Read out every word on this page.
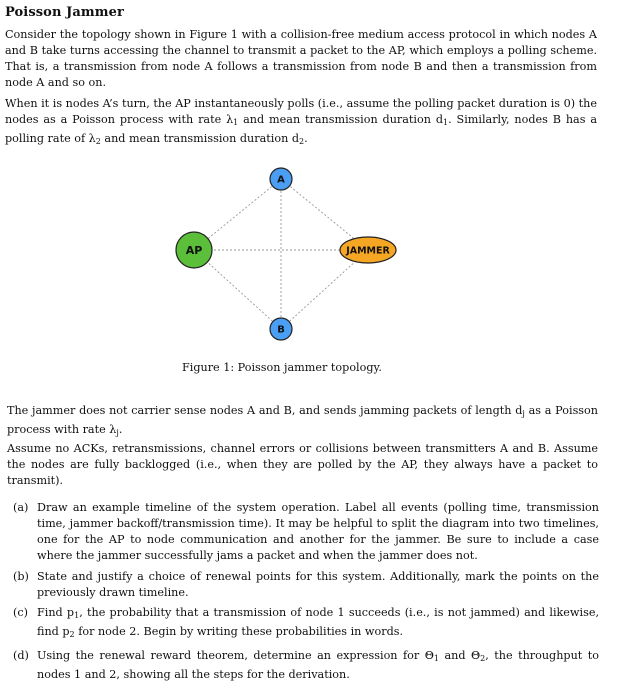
Poisson Jammer

Consider the topology shown in Figure 1 with a collision-free medium access protocol in which nodes A and B take turns accessing the channel to transmit a packet to the AP, which employs a polling scheme. That is, a transmission from node A follows a transmission from node B and then a transmission from node A and so on.

When it is nodes A’s turn, the AP instantaneously polls (i.e., assume the polling packet duration is 0) the nodes as a Poisson process with rate $\lambda_1$ and mean transmission duration $d_1$. Similarly, nodes B has a polling rate of $\lambda_2$ and mean transmission duration $d_2$.

A
AP	JAMMER
B

Figure 1: Poisson jammer topology.

The jammer does not carrier sense nodes A and B, and sends jamming packets of length $d_j$ as a Poisson process with rate $\lambda_j$.

Assume no ACKs, retransmissions, channel errors or collisions between transmitters A and B. Assume the nodes are fully backlogged (i.e., when they are polled by the AP, they always have a packet to transmit).

(a) Draw an example timeline of the system operation. Label all events (polling time, transmission time, jammer backoff/transmission time). It may be helpful to split the diagram into two timelines, one for the AP to node communication and another for the jammer. Be sure to include a case where the jammer successfully jams a packet and when the jammer does not.
(b) State and justify a choice of renewal points for this system. Additionally, mark the points on the previously drawn timeline.
(c) Find $p_1$, the probability that a transmission of node 1 succeeds (i.e., is not jammed) and likewise, find $p_2$ for node 2. Begin by writing these probabilities in words.
(d) Using the renewal reward theorem, determine an expression for $\Theta_1$ and $\Theta_2$, the throughput to nodes 1 and 2, showing all the steps for the derivation.
